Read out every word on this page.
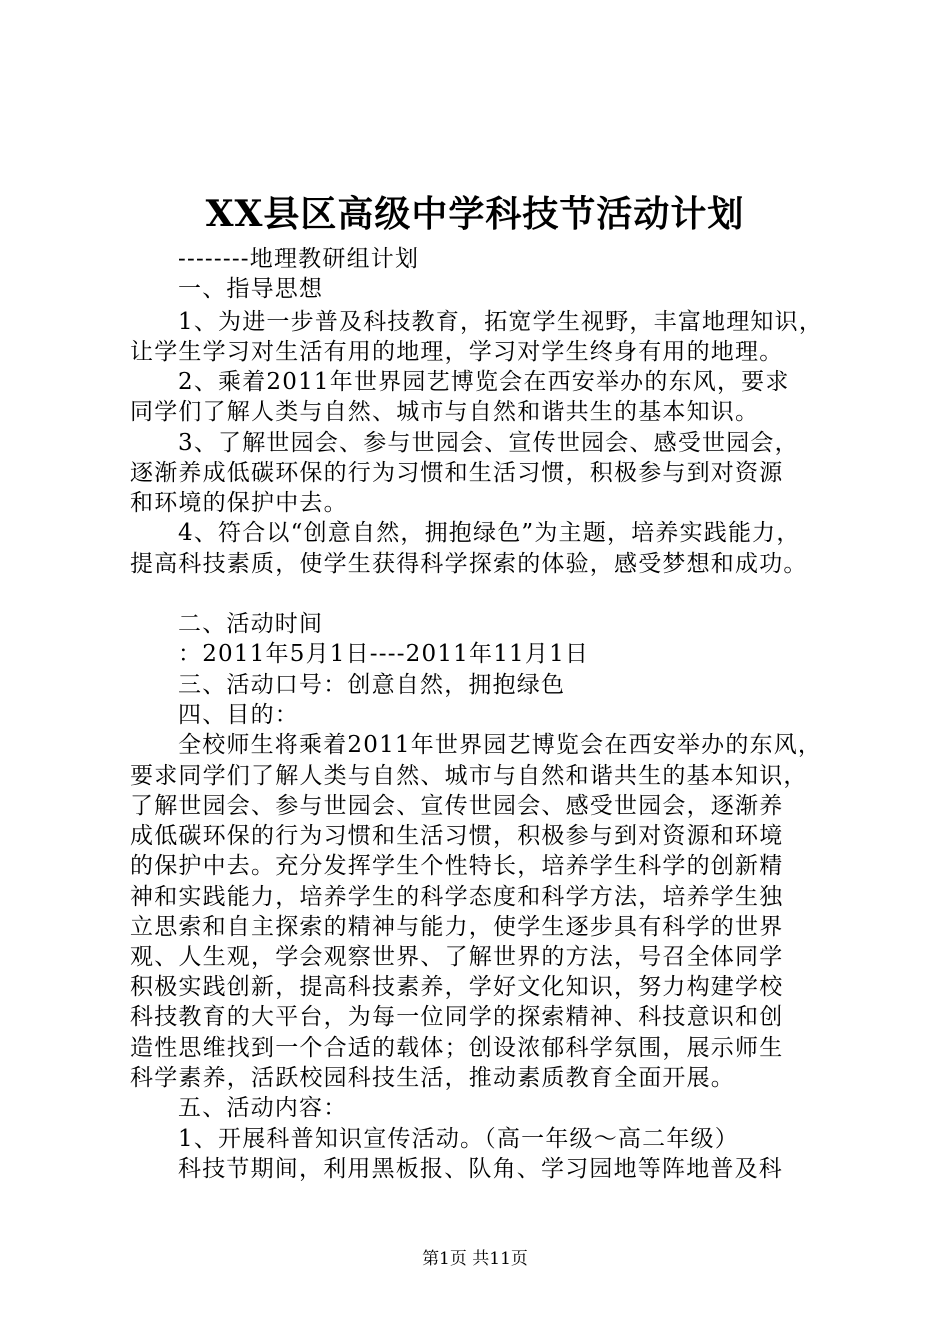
XX县区高级中学科技节活动计划
--------地理教研组计划
一、指导思想
1、为进一步普及科技教育，拓宽学生视野，丰富地理知识，
让学生学习对生活有用的地理，学习对学生终身有用的地理。
2、乘着2011年世界园艺博览会在西安举办的东风，要求
同学们了解人类与自然、城市与自然和谐共生的基本知识。
3、了解世园会、参与世园会、宣传世园会、感受世园会，
逐渐养成低碳环保的行为习惯和生活习惯，积极参与到对资源
和环境的保护中去。
4、符合以“创意自然，拥抱绿色”为主题，培养实践能力，
提高科技素质，使学生获得科学探索的体验，感受梦想和成功。
二、活动时间
：2011年5月1日----2011年11月1日
三、活动口号：创意自然，拥抱绿色
四、目的：
全校师生将乘着2011年世界园艺博览会在西安举办的东风，
要求同学们了解人类与自然、城市与自然和谐共生的基本知识，
了解世园会、参与世园会、宣传世园会、感受世园会，逐渐养
成低碳环保的行为习惯和生活习惯，积极参与到对资源和环境
的保护中去。充分发挥学生个性特长，培养学生科学的创新精
神和实践能力，培养学生的科学态度和科学方法，培养学生独
立思索和自主探索的精神与能力，使学生逐步具有科学的世界
观、人生观，学会观察世界、了解世界的方法，号召全体同学
积极实践创新，提高科技素养，学好文化知识，努力构建学校
科技教育的大平台，为每一位同学的探索精神、科技意识和创
造性思维找到一个合适的载体；创设浓郁科学氛围，展示师生
科学素养，活跃校园科技生活，推动素质教育全面开展。
五、活动内容：
1、开展科普知识宣传活动。（高一年级～高二年级）
科技节期间，利用黑板报、队角、学习园地等阵地普及科
第1页 共11页
